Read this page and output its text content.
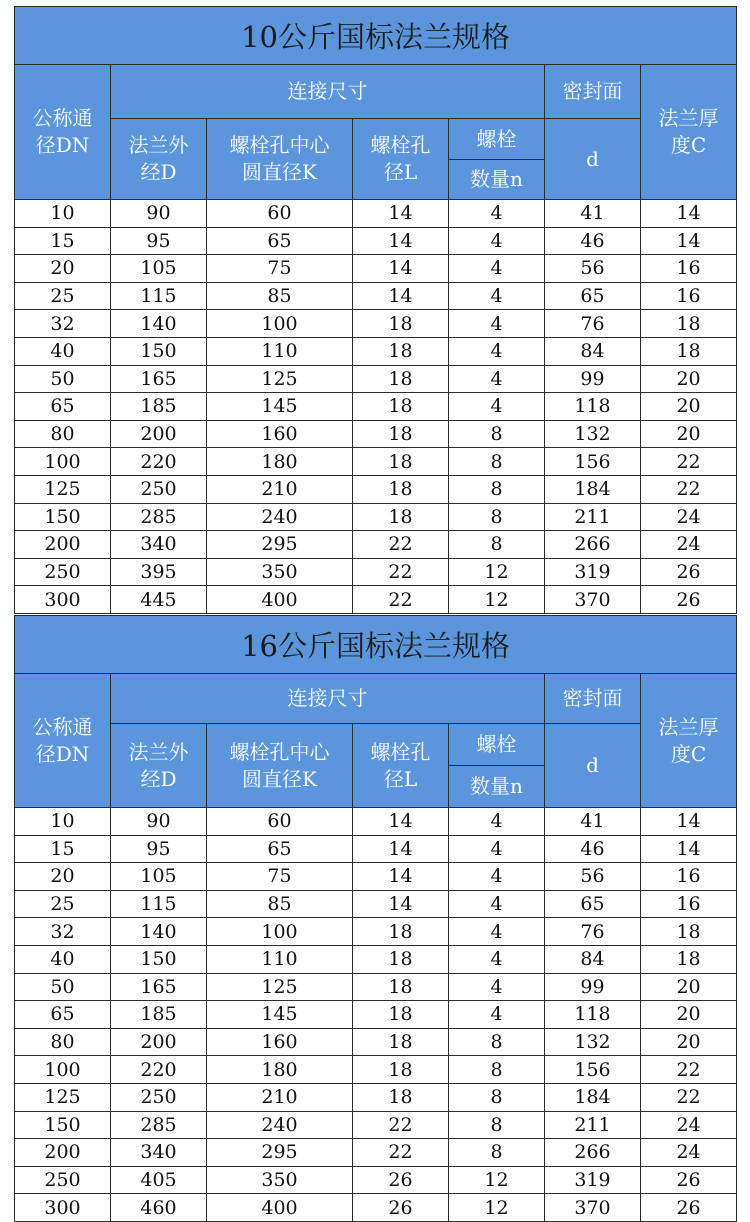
10公斤国标法兰规格						

公称通
径DN	连接尺寸				密封面	法兰厚
度C

	法兰外
经D	螺栓孔中心
圆直径K	螺栓孔
径L	螺栓	d	
				数量n		
10	90	60	14	4	41	14
15	95	65	14	4	46	14
20	105	75	14	4	56	16
25	115	85	14	4	65	16
32	140	100	18	4	76	18
40	150	110	18	4	84	18
50	165	125	18	4	99	20
65	185	145	18	4	118	20
80	200	160	18	8	132	20
100	220	180	18	8	156	22
125	250	210	18	8	184	22
150	285	240	18	8	211	24
200	340	295	22	8	266	24
250	395	350	22	12	319	26
300	445	400	22	12	370	26
16公斤国标法兰规格						

公称通
径DN	连接尺寸				密封面	法兰厚
度C

	法兰外
经D	螺栓孔中心
圆直径K	螺栓孔
径L	螺栓	d	
				数量n		
10	90	60	14	4	41	14
15	95	65	14	4	46	14
20	105	75	14	4	56	16
25	115	85	14	4	65	16
32	140	100	18	4	76	18
40	150	110	18	4	84	18
50	165	125	18	4	99	20
65	185	145	18	4	118	20
80	200	160	18	8	132	20
100	220	180	18	8	156	22
125	250	210	18	8	184	22
150	285	240	22	8	211	24
200	340	295	22	8	266	24
250	405	350	26	12	319	26
300	460	400	26	12	370	26
